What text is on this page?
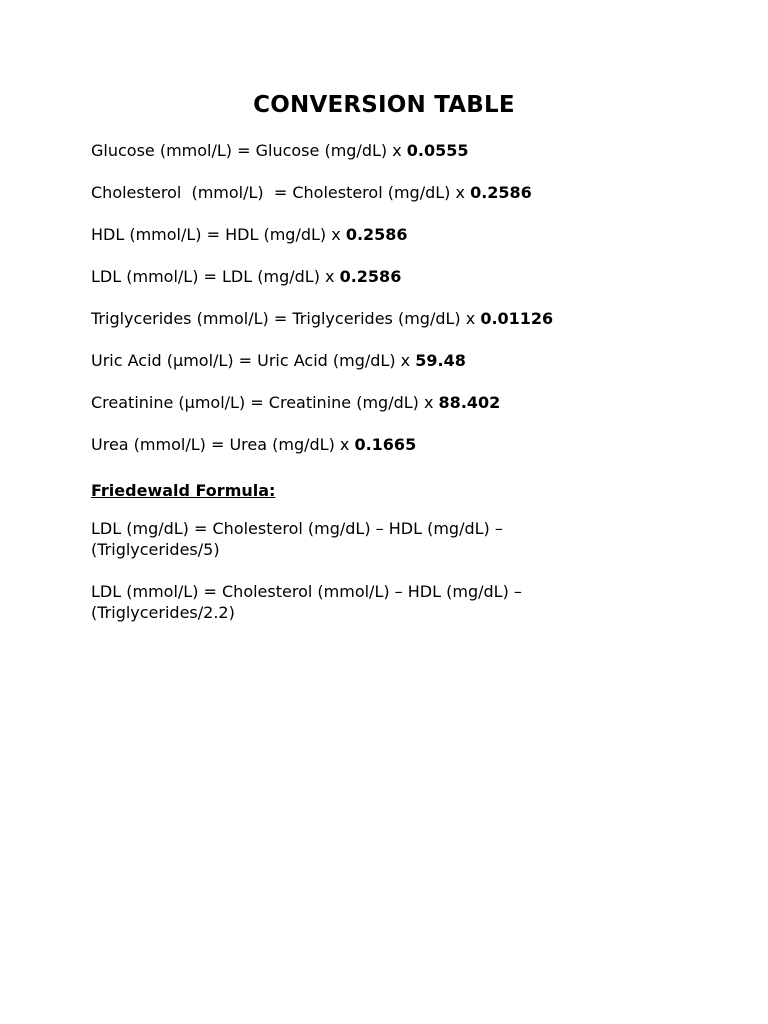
CONVERSION TABLE
Glucose (mmol/L) = Glucose (mg/dL) x 0.0555
Cholesterol  (mmol/L)  = Cholesterol (mg/dL) x 0.2586
HDL (mmol/L) = HDL (mg/dL) x 0.2586
LDL (mmol/L) = LDL (mg/dL) x 0.2586
Triglycerides (mmol/L) = Triglycerides (mg/dL) x 0.01126
Uric Acid (µmol/L) = Uric Acid (mg/dL) x 59.48
Creatinine (µmol/L) = Creatinine (mg/dL) x 88.402
Urea (mmol/L) = Urea (mg/dL) x 0.1665
Friedewald Formula:
LDL (mg/dL) = Cholesterol (mg/dL) – HDL (mg/dL) –
(Triglycerides/5)
LDL (mmol/L) = Cholesterol (mmol/L) – HDL (mg/dL) –
(Triglycerides/2.2)
